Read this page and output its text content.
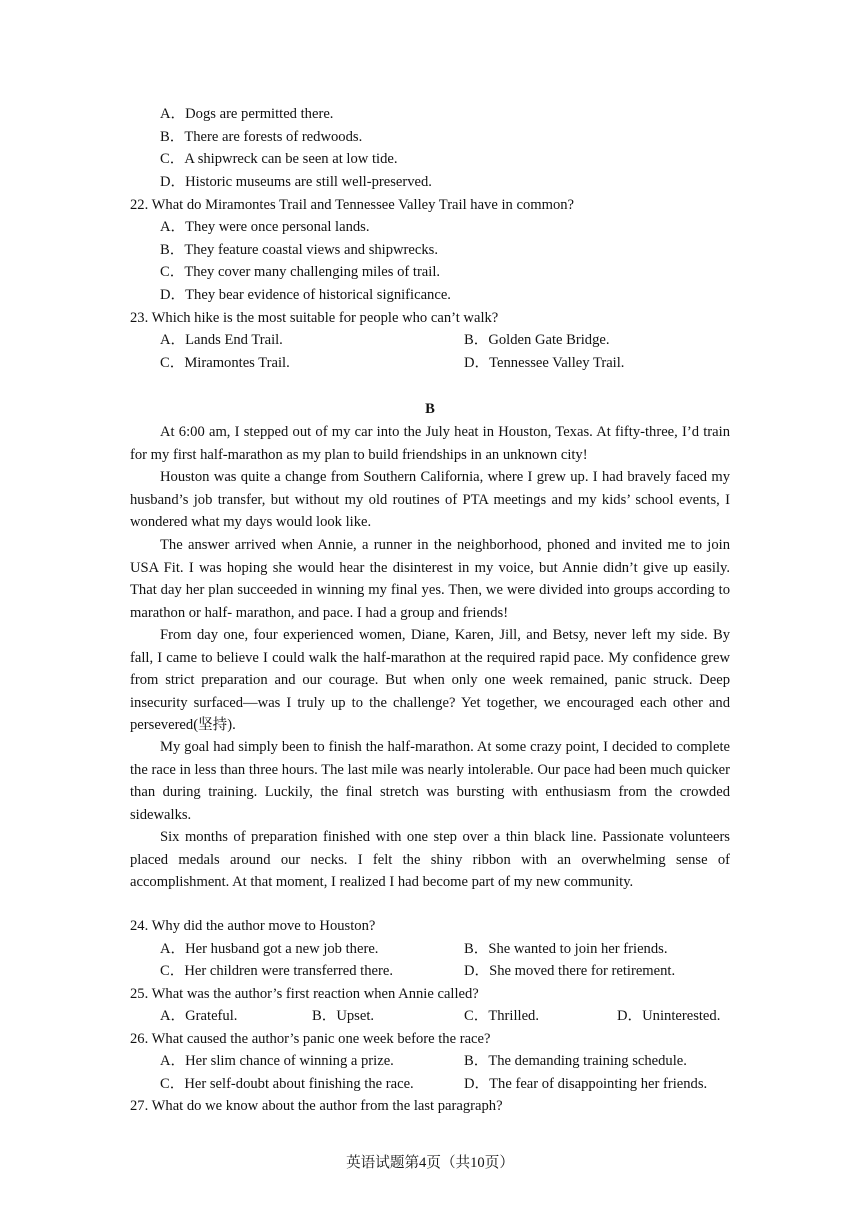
A．Dogs are permitted there.
B．There are forests of redwoods.
C．A shipwreck can be seen at low tide.
D．Historic museums are still well-preserved.
22. What do Miramontes Trail and Tennessee Valley Trail have in common?
A．They were once personal lands.
B．They feature coastal views and shipwrecks.
C．They cover many challenging miles of trail.
D．They bear evidence of historical significance.
23. Which hike is the most suitable for people who can’t walk?
A．Lands End Trail.	B．Golden Gate Bridge.
C．Miramontes Trail.	D．Tennessee Valley Trail.
B

At 6:00 am, I stepped out of my car into the July heat in Houston, Texas. At fifty-three, I’d train for my first half-marathon as my plan to build friendships in an unknown city!

Houston was quite a change from Southern California, where I grew up. I had bravely faced my husband’s job transfer, but without my old routines of PTA meetings and my kids’ school events, I wondered what my days would look like.

The answer arrived when Annie, a runner in the neighborhood, phoned and invited me to join USA Fit. I was hoping she would hear the disinterest in my voice, but Annie didn’t give up easily. That day her plan succeeded in winning my final yes. Then, we were divided into groups according to marathon or half- marathon, and pace. I had a group and friends!

From day one, four experienced women, Diane, Karen, Jill, and Betsy, never left my side. By fall, I came to believe I could walk the half-marathon at the required rapid pace. My confidence grew from strict preparation and our courage. But when only one week remained, panic struck. Deep insecurity surfaced—was I truly up to the challenge? Yet together, we encouraged each other and persevered(坚持).

My goal had simply been to finish the half-marathon. At some crazy point, I decided to complete the race in less than three hours. The last mile was nearly intolerable. Our pace had been much quicker than during training. Luckily, the final stretch was bursting with enthusiasm from the crowded sidewalks.

Six months of preparation finished with one step over a thin black line. Passionate volunteers placed medals around our necks. I felt the shiny ribbon with an overwhelming sense of accomplishment. At that moment, I realized I had become part of my new community.

24. Why did the author move to Houston?
A．Her husband got a new job there.	B．She wanted to join her friends.
C．Her children were transferred there.	D．She moved there for retirement.
25. What was the author’s first reaction when Annie called?
A．Grateful.	B．Upset.	C．Thrilled.	D．Uninterested.
26. What caused the author’s panic one week before the race?
A．Her slim chance of winning a prize.	B．The demanding training schedule.
C．Her self-doubt about finishing the race.	D．The fear of disappointing her friends.
27. What do we know about the author from the last paragraph?
英语试题第4页（共10页）
